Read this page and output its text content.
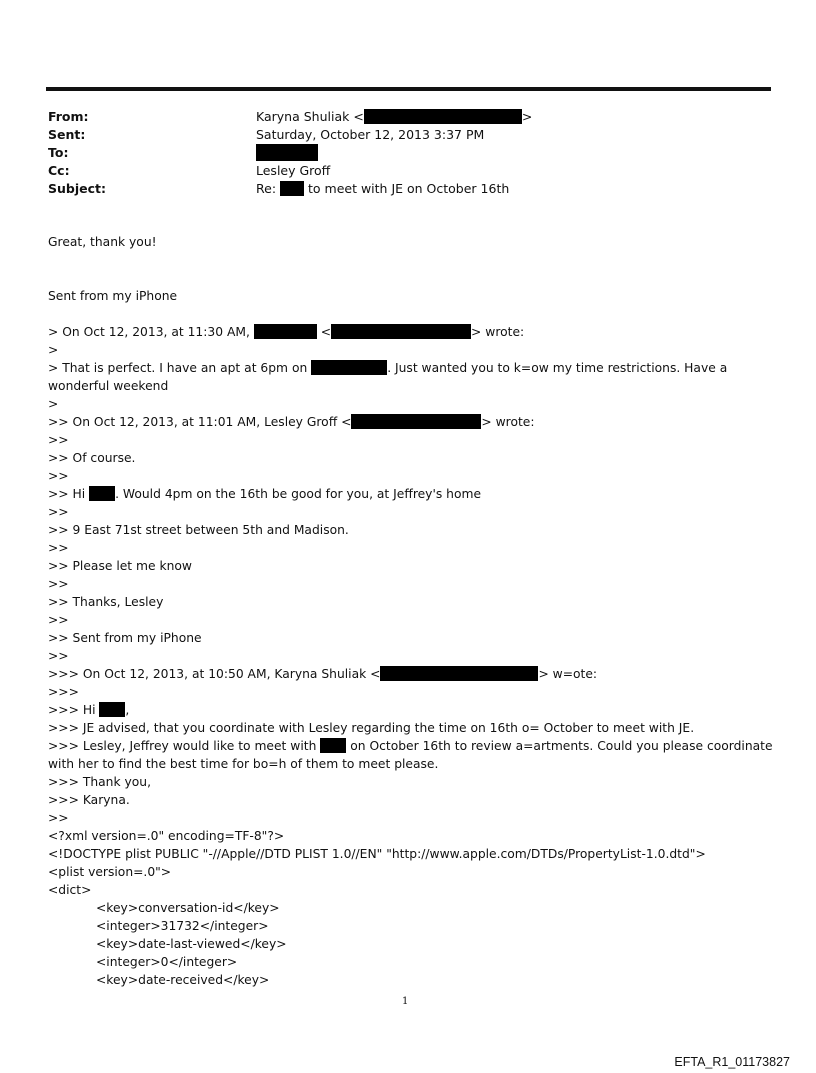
From:	Karyna Shuliak <	>
Sent:	Saturday, October 12, 2013 3:37 PM
To:
Cc:	Lesley Groff
Subject:	Re:	to meet with JE on October 16th
Great, thank you!
Sent from my iPhone
> On Oct 12, 2013, at 11:30 AM,	<	> wrote:
>
> That is perfect. I have an apt at 6pm on	. Just wanted you to k=ow my time restrictions. Have a wonderful weekend
>
>> On Oct 12, 2013, at 11:01 AM, Lesley Groff <	> wrote:
>>
>> Of course.
>>
>> Hi . Would 4pm on the 16th be good for you, at Jeffrey's home
>>
>> 9 East 71st street between 5th and Madison.
>>
>> Please let me know
>>
>> Thanks, Lesley
>>
>> Sent from my iPhone
>>
>>> On Oct 12, 2013, at 10:50 AM, Karyna Shuliak <	> w=ote:
>>>
>>> Hi ,
>>> JE advised, that you coordinate with Lesley regarding the time on 16th o= October to meet with JE.
>>> Lesley, Jeffrey would like to meet with	on October 16th to review a=artments. Could you please coordinate with her to find the best time for bo=h of them to meet please.
>>> Thank you,
>>> Karyna.
>>
<?xml version=.0" encoding=TF-8"?>
<!DOCTYPE plist PUBLIC "-//Apple//DTD PLIST 1.0//EN" "http://www.apple.com/DTDs/PropertyList-1.0.dtd">
<plist version=.0">
<dict>
<key>conversation-id</key>
<integer>31732</integer>
<key>date-last-viewed</key>
<integer>0</integer>
<key>date-received</key>
1
EFTA_R1_01173827
